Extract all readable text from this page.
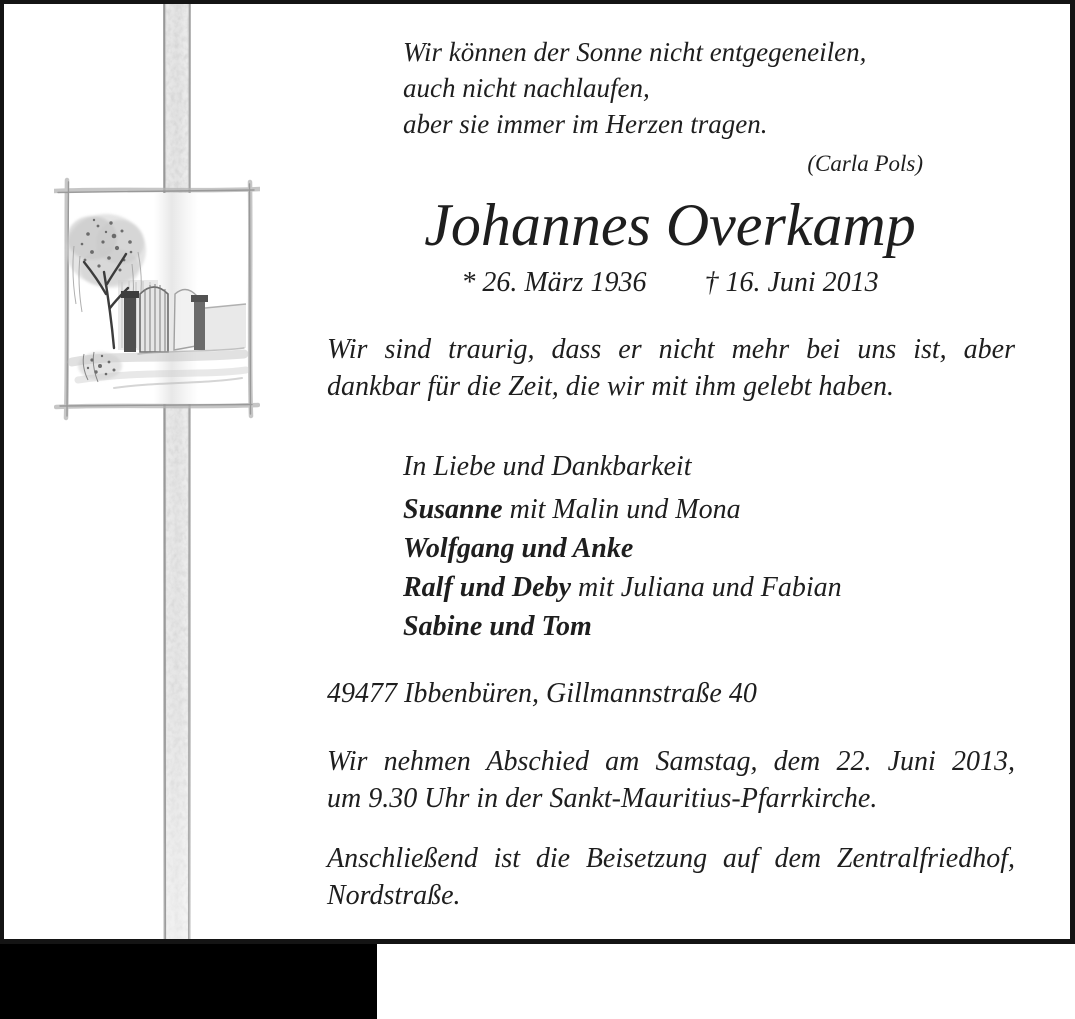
Wir können der Sonne nicht entgegeneilen,
auch nicht nachlaufen,
aber sie immer im Herzen tragen.
(Carla Pols)
Johannes Overkamp
* 26. März 1936 † 16. Juni 2013
Wir sind traurig, dass er nicht mehr bei uns ist, aber
dankbar für die Zeit, die wir mit ihm gelebt haben.
In Liebe und Dankbarkeit
Susanne mit Malin und Mona
Wolfgang und Anke
Ralf und Deby mit Juliana und Fabian
Sabine und Tom
49477 Ibbenbüren, Gillmannstraße 40
Wir nehmen Abschied am Samstag, dem 22. Juni 2013,
um 9.30 Uhr in der Sankt-Mauritius-Pfarrkirche.
Anschließend ist die Beisetzung auf dem Zentralfriedhof,
Nordstraße.
